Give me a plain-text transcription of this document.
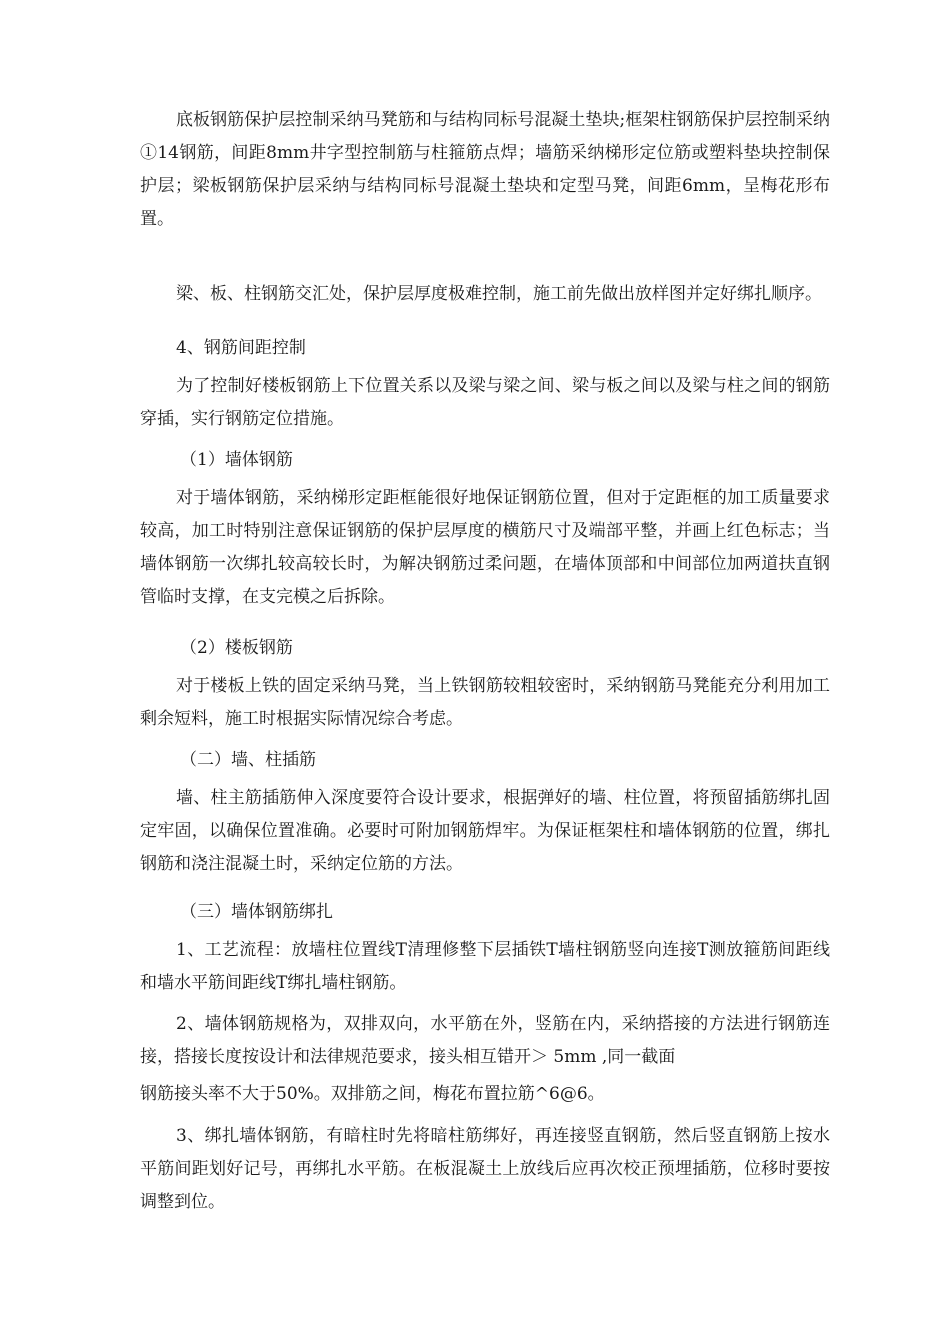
底板钢筋保护层控制采纳马凳筋和与结构同标号混凝土垫块;框架柱钢筋保护层控制采纳①14钢筋，间距8mm井字型控制筋与柱箍筋点焊；墙筋采纳梯形定位筋或塑料垫块控制保护层；梁板钢筋保护层采纳与结构同标号混凝土垫块和定型马凳，间距6mm，呈梅花形布置。

梁、板、柱钢筋交汇处，保护层厚度极难控制，施工前先做出放样图并定好绑扎顺序。

4、钢筋间距控制

为了控制好楼板钢筋上下位置关系以及梁与梁之间、梁与板之间以及梁与柱之间的钢筋穿插，实行钢筋定位措施。

（1）墙体钢筋

对于墙体钢筋，采纳梯形定距框能很好地保证钢筋位置，但对于定距框的加工质量要求较高，加工时特别注意保证钢筋的保护层厚度的横筋尺寸及端部平整，并画上红色标志；当墙体钢筋一次绑扎较高较长时，为解决钢筋过柔问题，在墙体顶部和中间部位加两道扶直钢管临时支撑，在支完模之后拆除。

（2）楼板钢筋

对于楼板上铁的固定采纳马凳，当上铁钢筋较粗较密时，采纳钢筋马凳能充分利用加工剩余短料，施工时根据实际情况综合考虑。

（二）墙、柱插筋

墙、柱主筋插筋伸入深度要符合设计要求，根据弹好的墙、柱位置，将预留插筋绑扎固定牢固，以确保位置准确。必要时可附加钢筋焊牢。为保证框架柱和墙体钢筋的位置，绑扎钢筋和浇注混凝土时，采纳定位筋的方法。

（三）墙体钢筋绑扎

1、工艺流程：放墙柱位置线T清理修整下层插铁T墙柱钢筋竖向连接T测放箍筋间距线和墙水平筋间距线T绑扎墙柱钢筋。

2、墙体钢筋规格为，双排双向，水平筋在外，竖筋在内，采纳搭接的方法进行钢筋连接，搭接长度按设计和法律规范要求，接头相互错开＞ 5mm ,同一截面

钢筋接头率不大于50%。双排筋之间，梅花布置拉筋^6@6。

3、绑扎墙体钢筋，有暗柱时先将暗柱筋绑好，再连接竖直钢筋，然后竖直钢筋上按水平筋间距划好记号，再绑扎水平筋。在板混凝土上放线后应再次校正预埋插筋，位移时要按调整到位。
